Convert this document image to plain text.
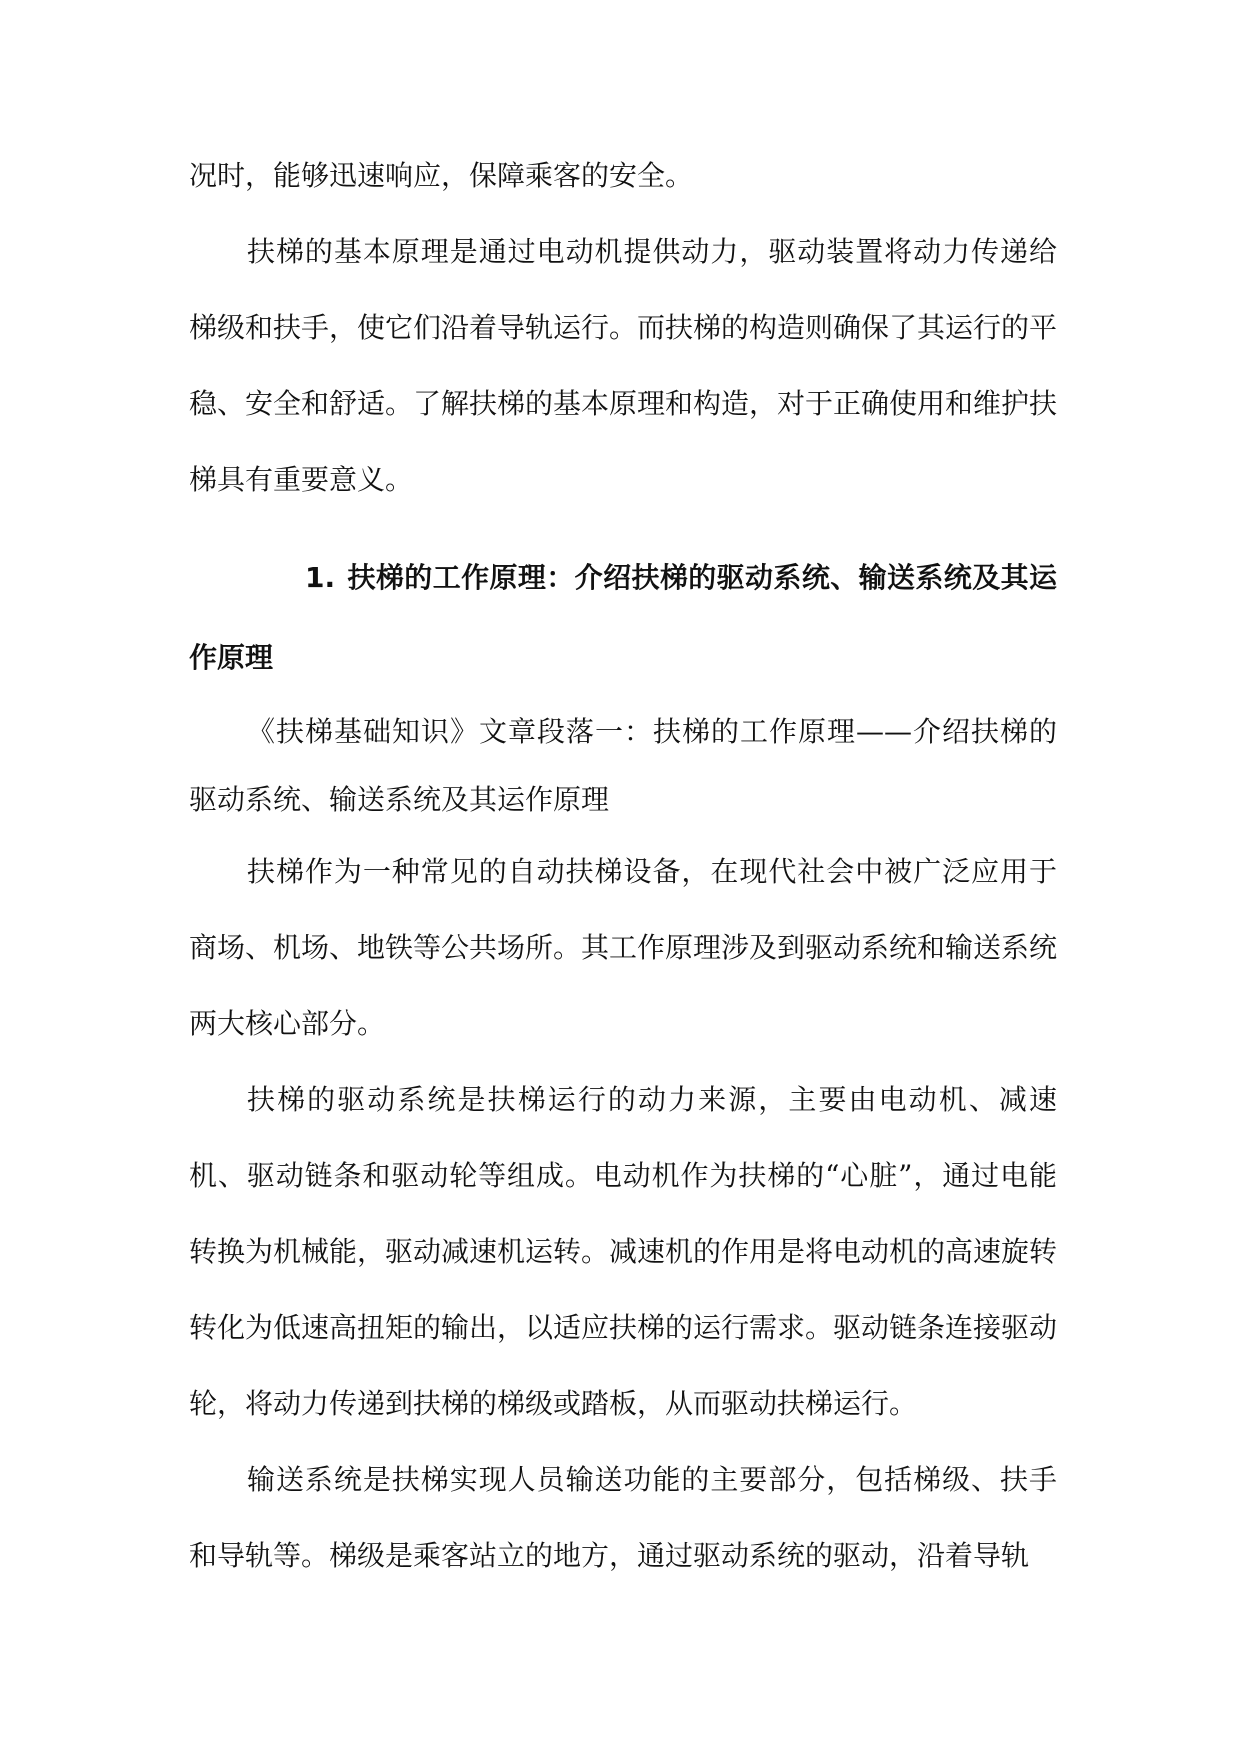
况时，能够迅速响应，保障乘客的安全。

扶梯的基本原理是通过电动机提供动力，驱动装置将动力传递给梯级和扶手，使它们沿着导轨运行。而扶梯的构造则确保了其运行的平稳、安全和舒适。了解扶梯的基本原理和构造，对于正确使用和维护扶梯具有重要意义。

1. 扶梯的工作原理：介绍扶梯的驱动系统、输送系统及其运作原理

《扶梯基础知识》文章段落一：扶梯的工作原理——介绍扶梯的驱动系统、输送系统及其运作原理

扶梯作为一种常见的自动扶梯设备，在现代社会中被广泛应用于商场、机场、地铁等公共场所。其工作原理涉及到驱动系统和输送系统两大核心部分。

扶梯的驱动系统是扶梯运行的动力来源，主要由电动机、减速机、驱动链条和驱动轮等组成。电动机作为扶梯的“心脏”，通过电能转换为机械能，驱动减速机运转。减速机的作用是将电动机的高速旋转转化为低速高扭矩的输出，以适应扶梯的运行需求。驱动链条连接驱动轮，将动力传递到扶梯的梯级或踏板，从而驱动扶梯运行。

输送系统是扶梯实现人员输送功能的主要部分，包括梯级、扶手和导轨等。梯级是乘客站立的地方，通过驱动系统的驱动，沿着导轨
